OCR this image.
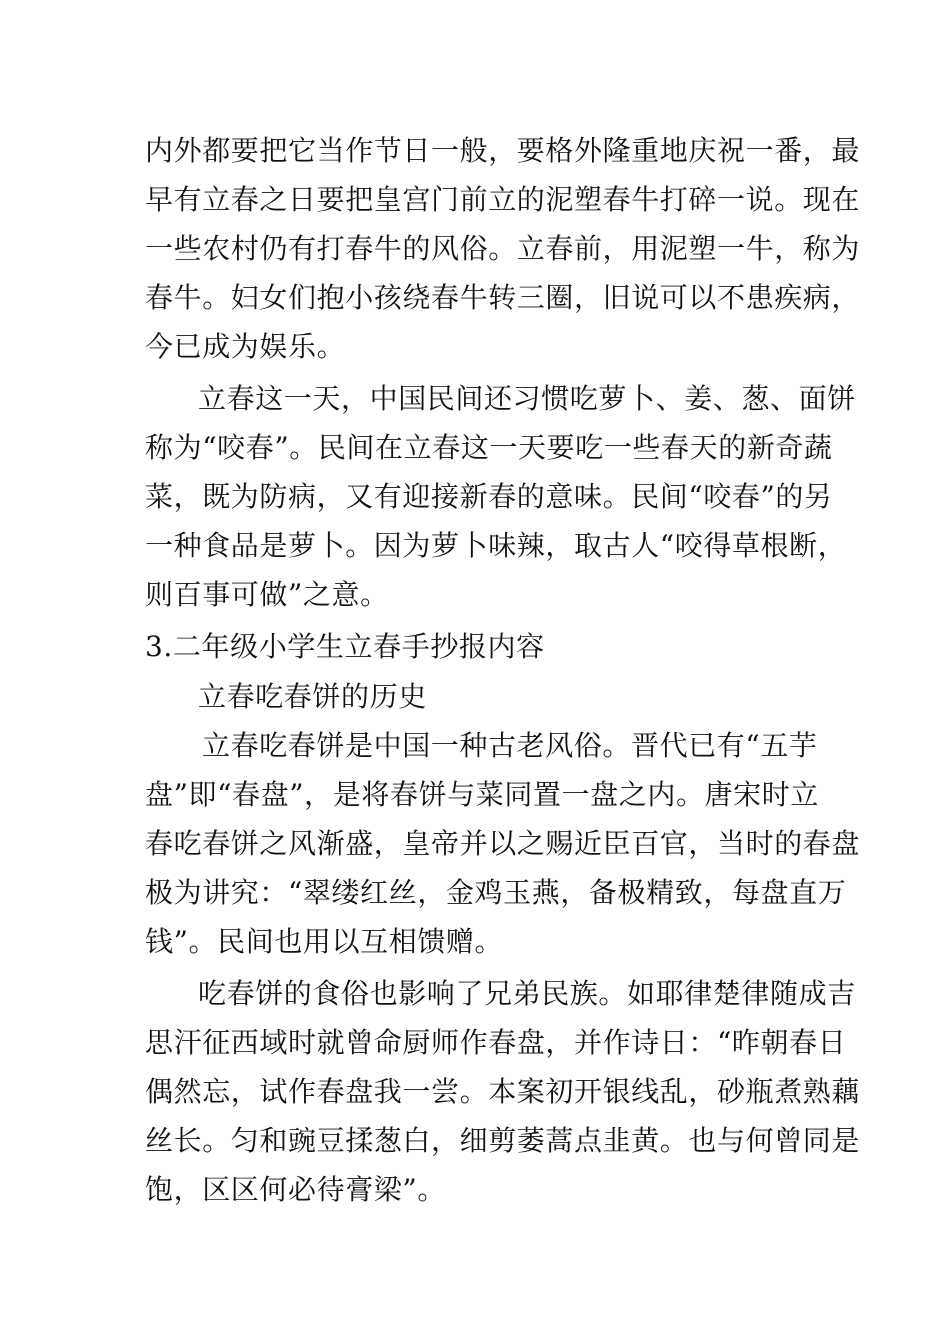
内外都要把它当作节日一般，要格外隆重地庆祝一番，最
早有立春之日要把皇宫门前立的泥塑春牛打碎一说。现在
一些农村仍有打春牛的风俗。立春前，用泥塑一牛，称为
春牛。妇女们抱小孩绕春牛转三圈，旧说可以不患疾病，
今已成为娱乐。
立春这一天，中国民间还习惯吃萝卜、姜、葱、面饼
称为“咬春”。民间在立春这一天要吃一些春天的新奇蔬
菜，既为防病，又有迎接新春的意味。民间“咬春”的另
一种食品是萝卜。因为萝卜味辣，取古人“咬得草根断，
则百事可做”之意。
3.二年级小学生立春手抄报内容
立春吃春饼的历史
立春吃春饼是中国一种古老风俗。晋代已有“五芋
盘”即“春盘”，是将春饼与菜同置一盘之内。唐宋时立
春吃春饼之风渐盛，皇帝并以之赐近臣百官，当时的春盘
极为讲究：“翠缕红丝，金鸡玉燕，备极精致，每盘直万
钱”。民间也用以互相馈赠。
吃春饼的食俗也影响了兄弟民族。如耶律楚律随成吉
思汗征西域时就曾命厨师作春盘，并作诗日：“昨朝春日
偶然忘，试作春盘我一尝。本案初开银线乱，砂瓶煮熟藕
丝长。匀和豌豆揉葱白，细剪萎蒿点韭黄。也与何曾同是
饱，区区何必待膏梁”。
